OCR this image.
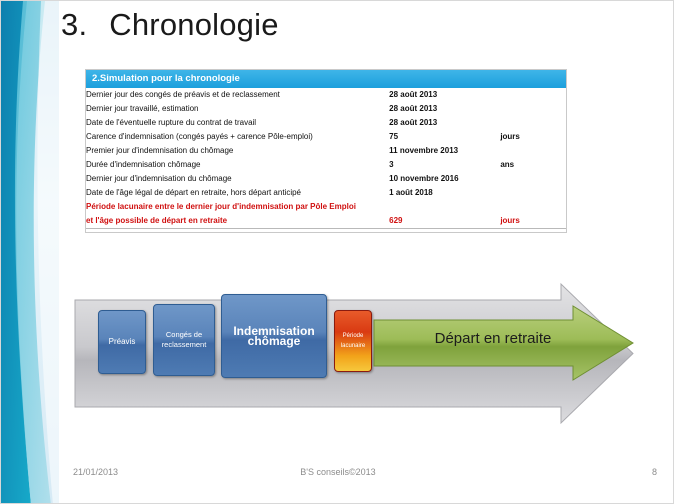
3. Chronologie
2.Simulation pour la chronologie
Dernier jour des congés de préavis et de reclassement	28 août 2013	
Dernier jour travaillé, estimation	28 août 2013	
Date de l'éventuelle rupture du contrat de travail	28 août 2013	
Carence d'indemnisation (congés payés + carence Pôle-emploi)	75	jours
Premier jour d'indemnisation du chômage	11 novembre 2013	
Durée d'indemnisation chômage	3	ans
Dernier jour d'indemnisation du chômage	10 novembre 2016	
Date de l'âge légal de départ en retraite, hors départ anticipé	1 août 2018	
Période lacunaire entre le dernier jour d'indemnisation par Pôle Emploi		
et l'âge possible de départ en retraite	629	jours
Préavis
Congés de reclassement
Indemnisation chômage	Période lacunaire	Départ en retraite
21/01/2013	B'S conseils©2013	8
